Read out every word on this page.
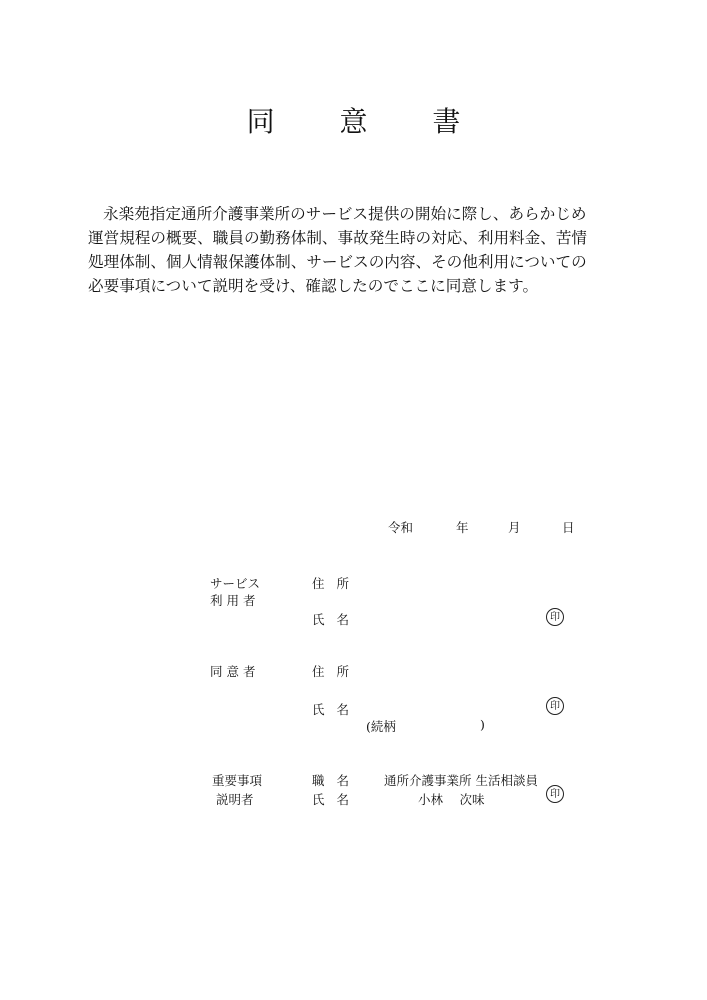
同 意 書

永楽苑指定通所介護事業所のサービス提供の開始に際し、あらかじめ

運営規程の概要、職員の勤務体制、事故発生時の対応、利用料金、苦情

処理体制、個人情報保護体制、サービスの内容、その他利用についての

必要事項について説明を受け、確認したのでここに同意します。

令和	年	月	日
サービス
利 用 者
住 所
氏 名	印
同 意 者	住 所
氏 名	印
(続柄	)
重要事項
説明者
職 名 通所介護事業所 生活相談員
氏 名	小林　 次味	印
